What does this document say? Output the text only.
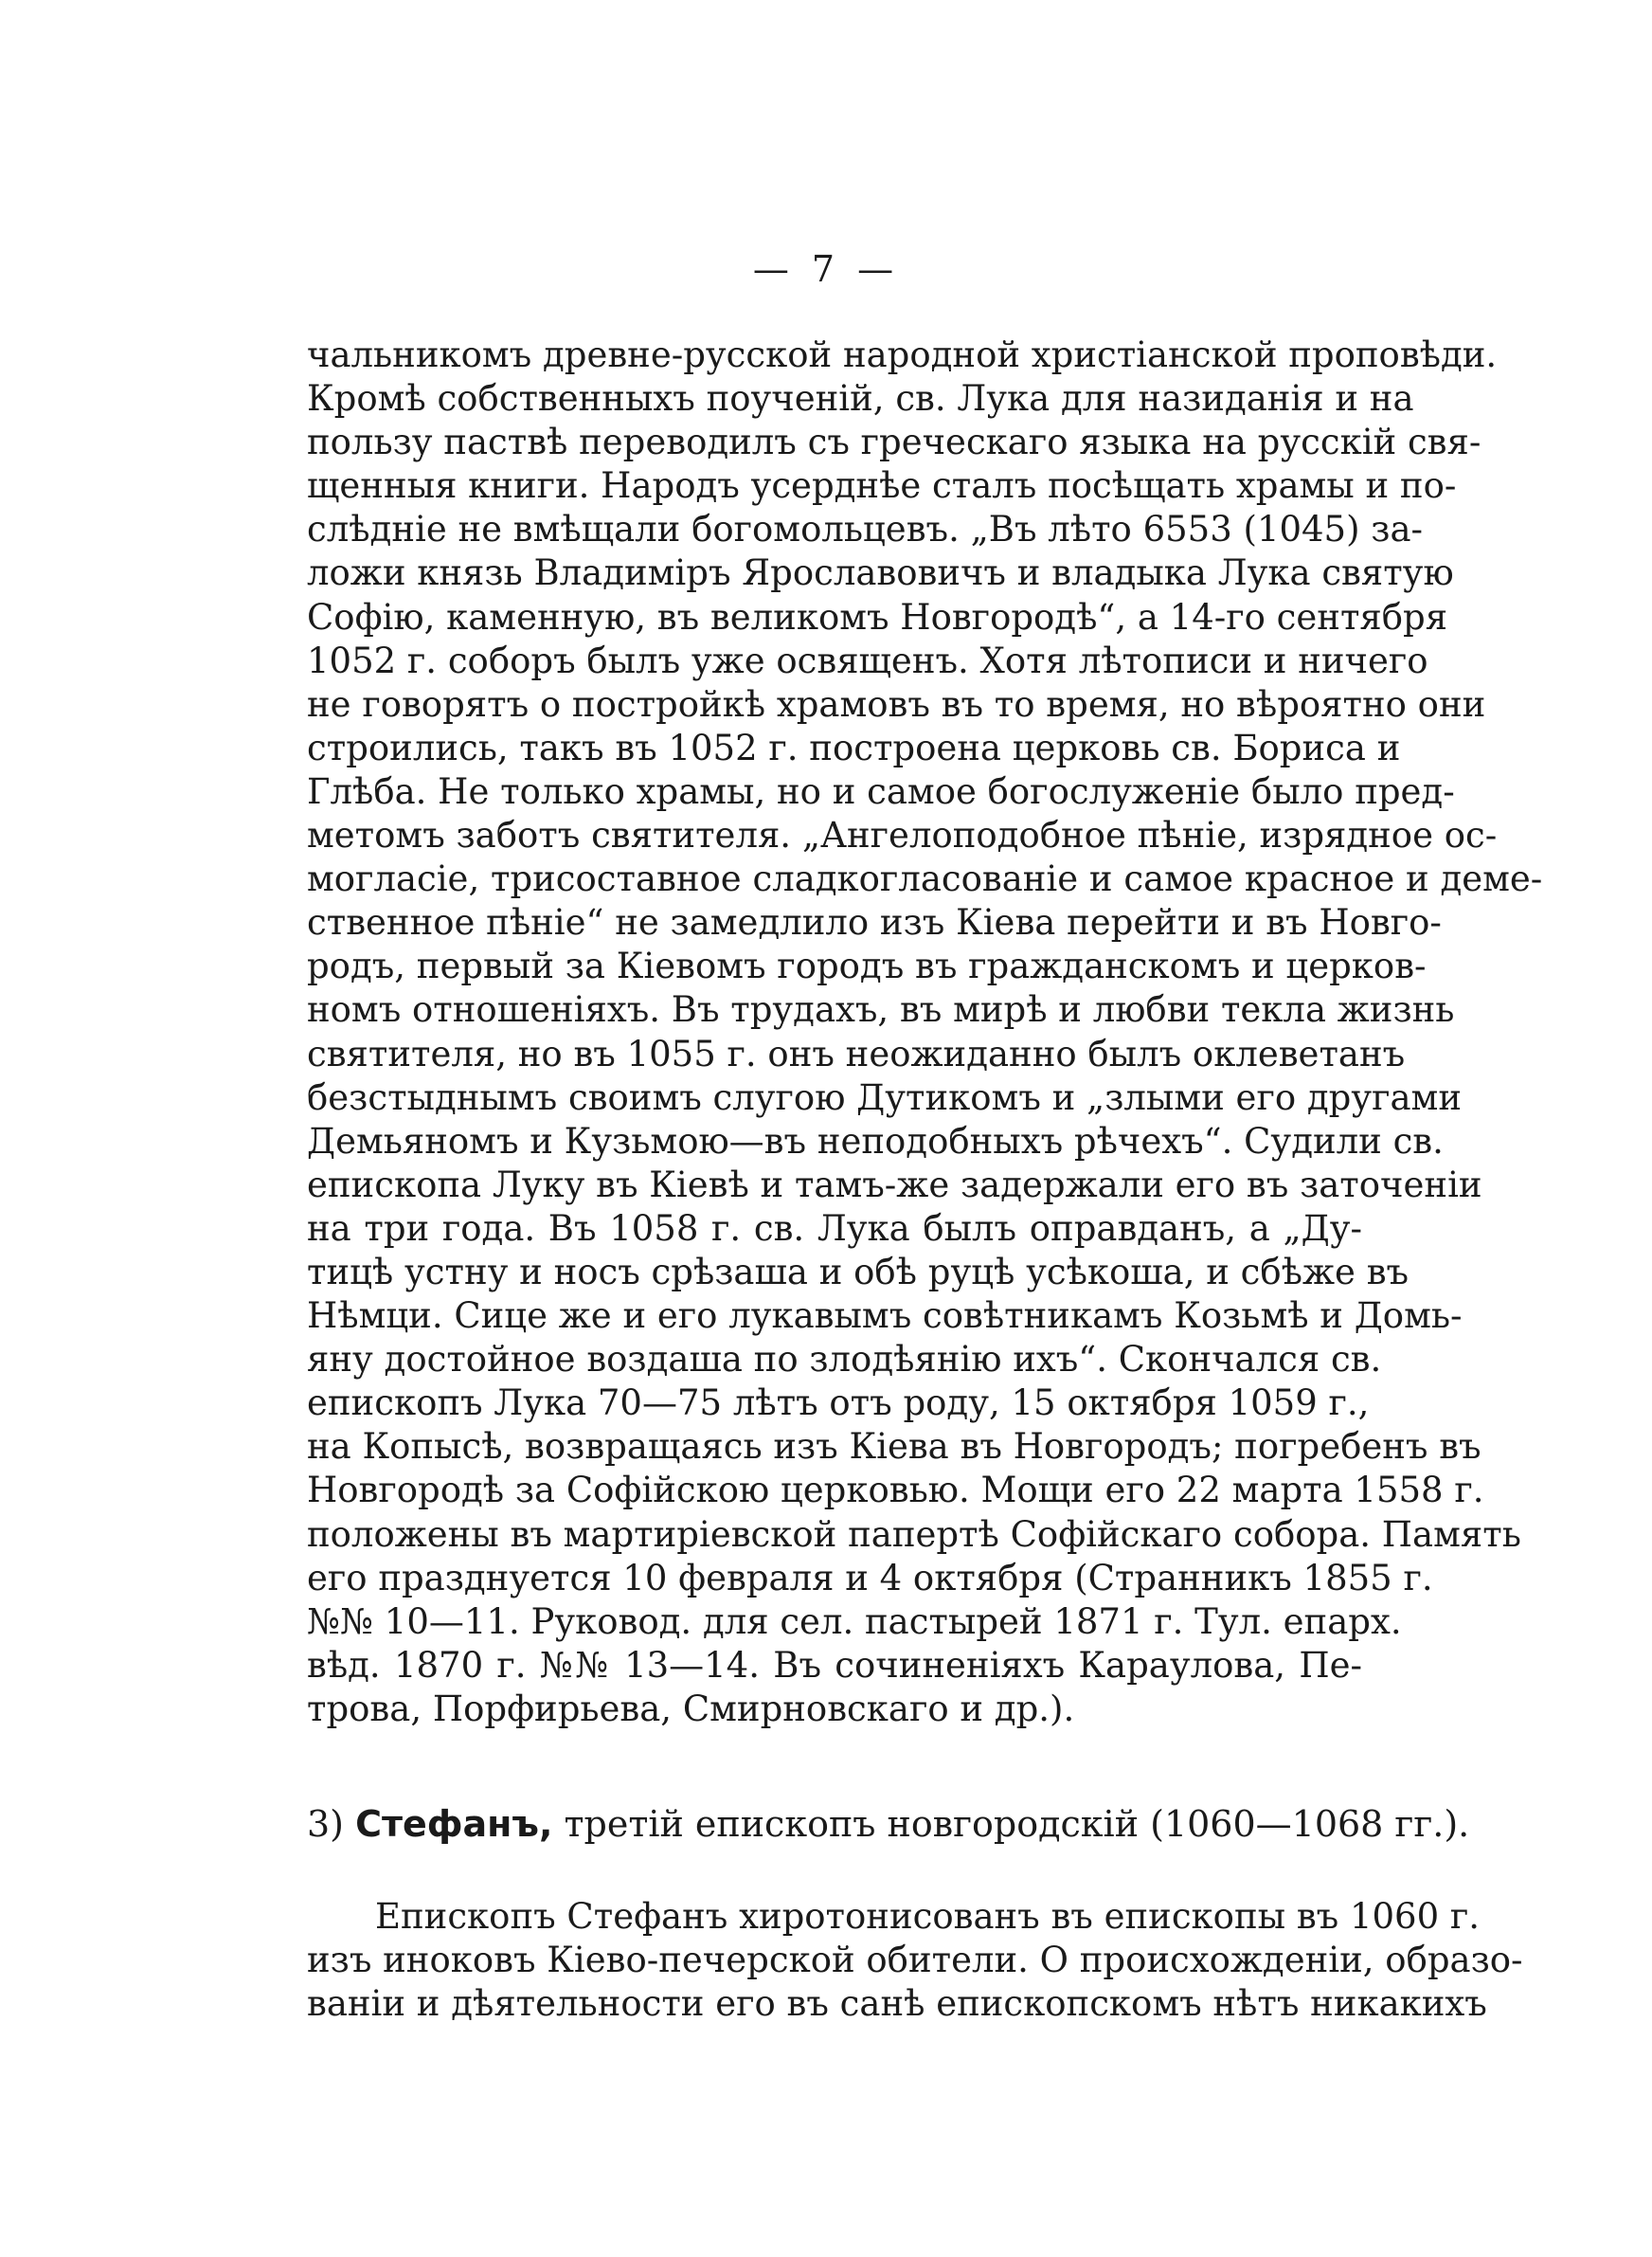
— 7 —
чальникомъ древне-русской народной христіанской проповѣди.
Кромѣ собственныхъ поученій, св. Лука для назиданія и на
пользу паствѣ переводилъ съ греческаго языка на русскій свя-
щенныя книги. Народъ усерднѣе сталъ посѣщать храмы и по-
слѣдніе не вмѣщали богомольцевъ. „Въ лѣто 6553 (1045) за-
ложи князь Владиміръ Ярославовичъ и владыка Лука святую
Софію, каменную, въ великомъ Новгородѣ“, а 14-го сентября
1052 г. соборъ былъ уже освященъ. Хотя лѣтописи и ничего
не говорятъ о постройкѣ храмовъ въ то время, но вѣроятно они
строились, такъ въ 1052 г. построена церковь св. Бориса и
Глѣба. Не только храмы, но и самое богослуженіе было пред-
метомъ заботъ святителя. „Ангелоподобное пѣніе, изрядное ос-
могласіе, трисоставное сладкогласованіе и самое красное и деме-
ственное пѣніе“ не замедлило изъ Кіева перейти и въ Новго-
родъ, первый за Кіевомъ городъ въ гражданскомъ и церков-
номъ отношеніяхъ. Въ трудахъ, въ мирѣ и любви текла жизнь
святителя, но въ 1055 г. онъ неожиданно былъ оклеветанъ
безстыднымъ своимъ слугою Дутикомъ и „злыми его другами
Демьяномъ и Кузьмою—въ неподобныхъ рѣчехъ“. Судили св.
епископа Луку въ Кіевѣ и тамъ-же задержали его въ заточеніи
на три года. Въ 1058 г. св. Лука былъ оправданъ, а „Ду-
тицѣ устну и носъ срѣзаша и обѣ руцѣ усѣкоша, и сбѣже въ
Нѣмци. Сице же и его лукавымъ совѣтникамъ Козьмѣ и Домь-
яну достойное воздаша по злодѣянію ихъ“. Скончался св.
епископъ Лука 70—75 лѣтъ отъ роду, 15 октября 1059 г.,
на Копысѣ, возвращаясь изъ Кіева въ Новгородъ; погребенъ въ
Новгородѣ за Софійскою церковью. Мощи его 22 марта 1558 г.
положены въ мартиріевской папертѣ Софійскаго собора. Память
его празднуется 10 февраля и 4 октября (Странникъ 1855 г.
№№ 10—11. Руковод. для сел. пастырей 1871 г. Тул. епарх.
вѣд. 1870 г. №№ 13—14. Въ сочиненіяхъ Караулова, Пе-
трова, Порфирьева, Смирновскаго и др.).
3) Стефанъ, третій епископъ новгородскій (1060—1068 гг.).
Епископъ Стефанъ хиротонисованъ въ епископы въ 1060 г.
изъ иноковъ Кіево-печерской обители. О происхожденіи, образо-
ваніи и дѣятельности его въ санѣ епископскомъ нѣтъ никакихъ
